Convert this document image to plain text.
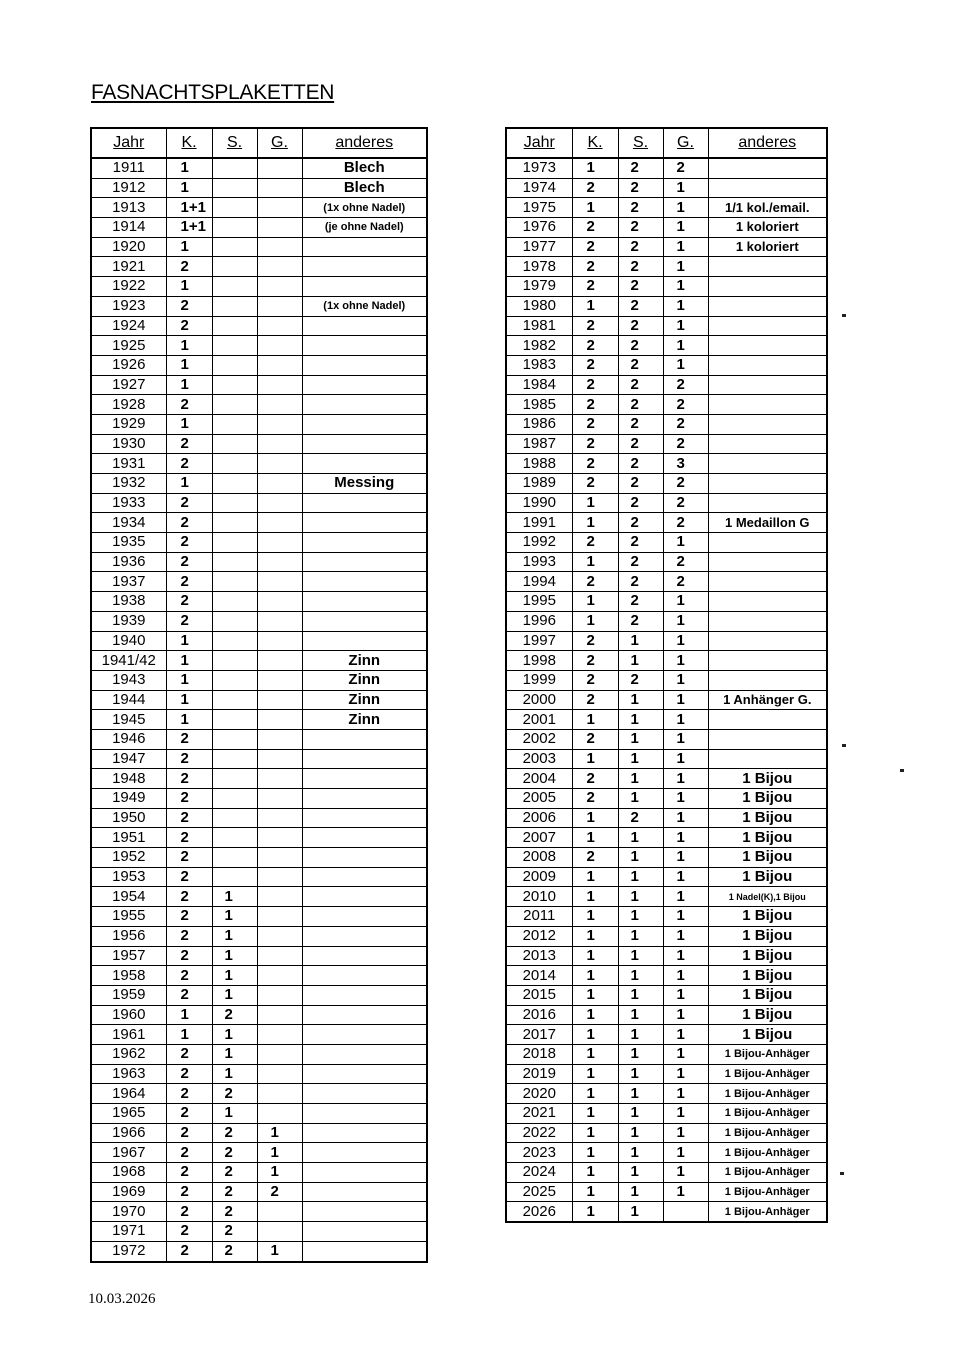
FASNACHTSPLAKETTEN
Jahr	K.	S.	G.	anderes
1911	1			Blech
1912	1			Blech
1913	1+1			(1x ohne Nadel)
1914	1+1			(je ohne Nadel)
1920	1			
1921	2			
1922	1			
1923	2			(1x ohne Nadel)
1924	2			
1925	1			
1926	1			
1927	1			
1928	2			
1929	1			
1930	2			
1931	2			
1932	1			Messing
1933	2			
1934	2			
1935	2			
1936	2			
1937	2			
1938	2			
1939	2			
1940	1			
1941/42	1			Zinn
1943	1			Zinn
1944	1			Zinn
1945	1			Zinn
1946	2			
1947	2			
1948	2			
1949	2			
1950	2			
1951	2			
1952	2			
1953	2			
1954	2	1		
1955	2	1		
1956	2	1		
1957	2	1		
1958	2	1		
1959	2	1		
1960	1	2		
1961	1	1		
1962	2	1		
1963	2	1		
1964	2	2		
1965	2	1		
1966	2	2	1	
1967	2	2	1	
1968	2	2	1	
1969	2	2	2	
1970	2	2		
1971	2	2		
1972	2	2	1	
Jahr	K.	S.	G.	anderes
1973	1	2	2	
1974	2	2	1	
1975	1	2	1	1/1 kol./email.
1976	2	2	1	1 koloriert
1977	2	2	1	1 koloriert
1978	2	2	1	
1979	2	2	1	
1980	1	2	1	
1981	2	2	1	
1982	2	2	1	
1983	2	2	1	
1984	2	2	2	
1985	2	2	2	
1986	2	2	2	
1987	2	2	2	
1988	2	2	3	
1989	2	2	2	
1990	1	2	2	
1991	1	2	2	1 Medaillon G
1992	2	2	1	
1993	1	2	2	
1994	2	2	2	
1995	1	2	1	
1996	1	2	1	
1997	2	1	1	
1998	2	1	1	
1999	2	2	1	
2000	2	1	1	1 Anhänger G.
2001	1	1	1	
2002	2	1	1	
2003	1	1	1	
2004	2	1	1	1 Bijou
2005	2	1	1	1 Bijou
2006	1	2	1	1 Bijou
2007	1	1	1	1 Bijou
2008	2	1	1	1 Bijou
2009	1	1	1	1 Bijou
2010	1	1	1	1 Nadel(K),1 Bijou
2011	1	1	1	1 Bijou
2012	1	1	1	1 Bijou
2013	1	1	1	1 Bijou
2014	1	1	1	1 Bijou
2015	1	1	1	1 Bijou
2016	1	1	1	1 Bijou
2017	1	1	1	1 Bijou
2018	1	1	1	1 Bijou-Anhäger
2019	1	1	1	1 Bijou-Anhäger
2020	1	1	1	1 Bijou-Anhäger
2021	1	1	1	1 Bijou-Anhäger
2022	1	1	1	1 Bijou-Anhäger
2023	1	1	1	1 Bijou-Anhäger
2024	1	1	1	1 Bijou-Anhäger
2025	1	1	1	1 Bijou-Anhäger
2026	1	1		1 Bijou-Anhäger
10.03.2026
